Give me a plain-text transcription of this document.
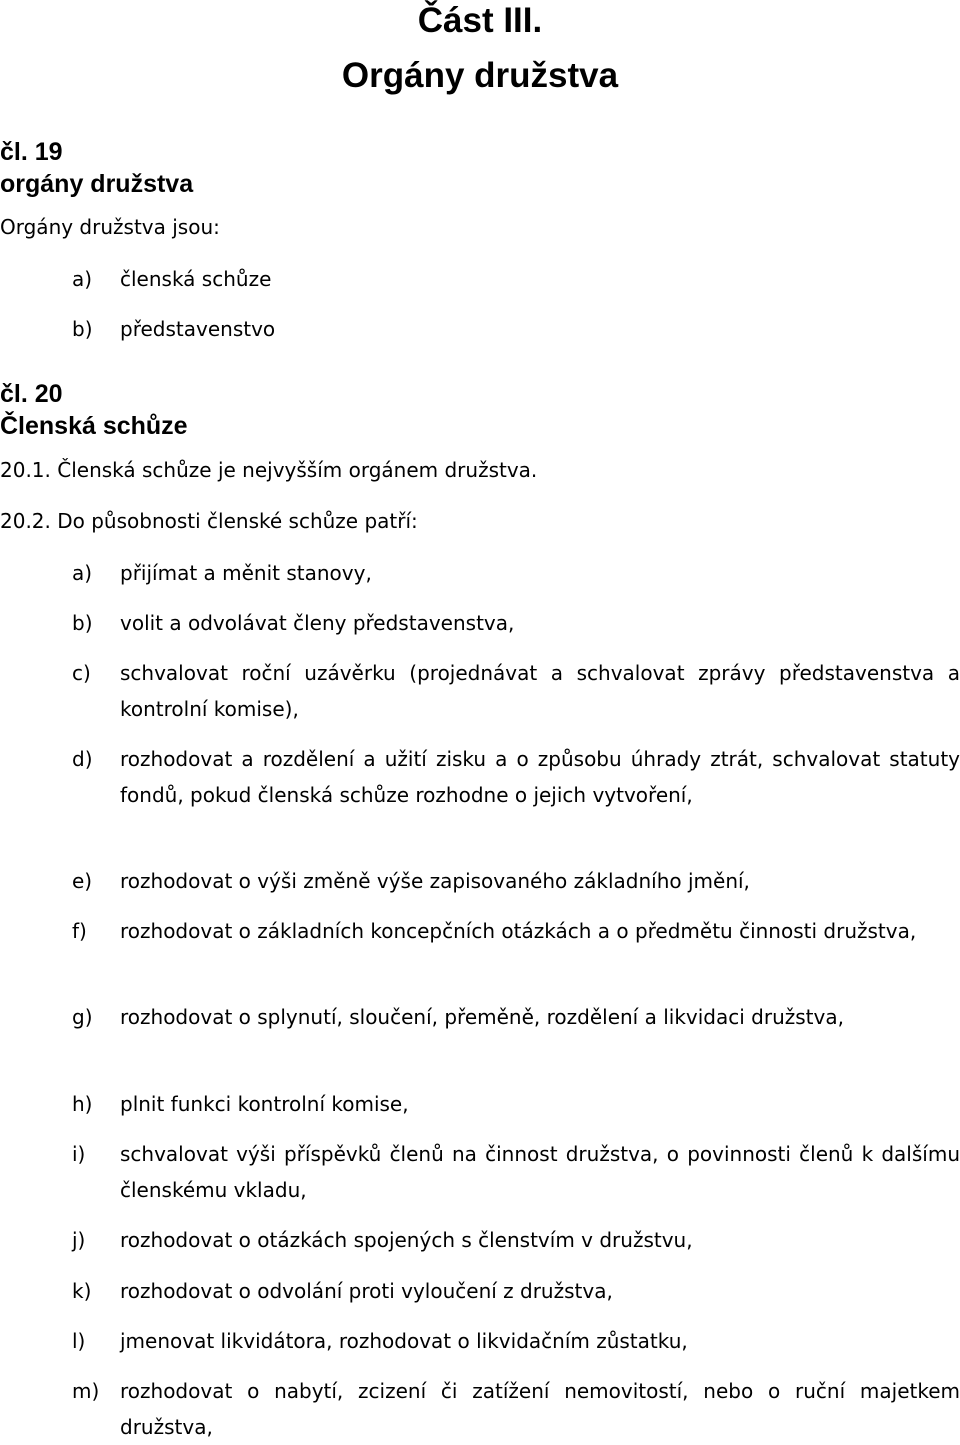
Část III.
Orgány družstva
čl. 19
orgány družstva
Orgány družstva jsou:
a) členská schůze
b) představenstvo
čl. 20
Členská schůze
20.1. Členská schůze je nejvyšším orgánem družstva.
20.2. Do působnosti členské schůze patří:
a) přijímat a měnit stanovy,
b) volit a odvolávat členy představenstva,
c) schvalovat roční uzávěrku (projednávat a schvalovat zprávy představenstva a kontrolní komise),
d) rozhodovat a rozdělení a užití zisku a o způsobu úhrady ztrát, schvalovat statuty fondů, pokud členská schůze rozhodne o jejich vytvoření,
e) rozhodovat o výši změně výše zapisovaného základního jmění,
f) rozhodovat o základních koncepčních otázkách a o předmětu činnosti družstva,
g) rozhodovat o splynutí, sloučení, přeměně, rozdělení a likvidaci družstva,
h) plnit funkci kontrolní komise,
i) schvalovat výši příspěvků členů na činnost družstva, o povinnosti členů k dalšímu členskému vkladu,
j) rozhodovat o otázkách spojených s členstvím v družstvu,
k) rozhodovat o odvolání proti vyloučení z družstva,
l) jmenovat likvidátora, rozhodovat o likvidačním zůstatku,
m) rozhodovat o nabytí, zcizení či zatížení nemovitostí, nebo o ruční majetkem družstva,
